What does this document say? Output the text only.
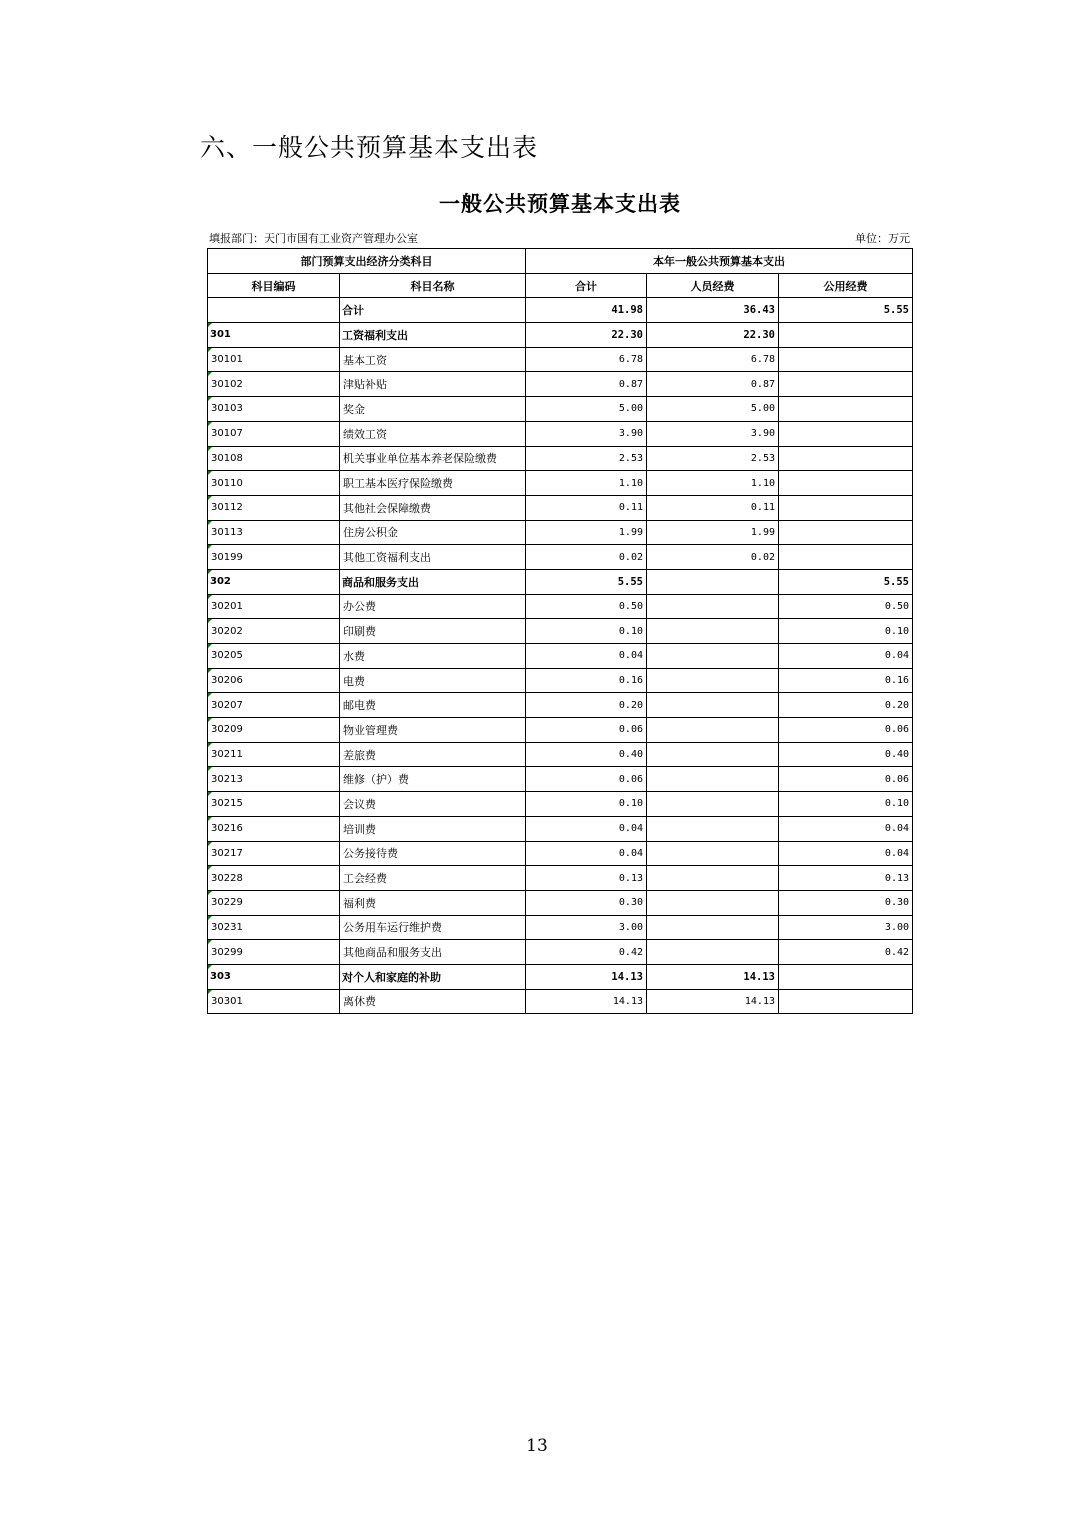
六、一般公共预算基本支出表
一般公共预算基本支出表
填报部门：天门市国有工业资产管理办公室	单位：万元
部门预算支出经济分类科目		本年一般公共预算基本支出		
科目编码	科目名称	合计	人员经费	公用经费
	合计	41.98	36.43	5.55
301	工资福利支出	22.30	22.30	
30101	基本工资	6.78	6.78	
30102	津贴补贴	0.87	0.87	
30103	奖金	5.00	5.00	
30107	绩效工资	3.90	3.90	
30108	机关事业单位基本养老保险缴费	2.53	2.53	
30110	职工基本医疗保险缴费	1.10	1.10	
30112	其他社会保障缴费	0.11	0.11	
30113	住房公积金	1.99	1.99	
30199	其他工资福利支出	0.02	0.02	
302	商品和服务支出	5.55		5.55
30201	办公费	0.50		0.50
30202	印刷费	0.10		0.10
30205	水费	0.04		0.04
30206	电费	0.16		0.16
30207	邮电费	0.20		0.20
30209	物业管理费	0.06		0.06
30211	差旅费	0.40		0.40
30213	维修（护）费	0.06		0.06
30215	会议费	0.10		0.10
30216	培训费	0.04		0.04
30217	公务接待费	0.04		0.04
30228	工会经费	0.13		0.13
30229	福利费	0.30		0.30
30231	公务用车运行维护费	3.00		3.00
30299	其他商品和服务支出	0.42		0.42
303	对个人和家庭的补助	14.13	14.13	
30301	离休费	14.13	14.13	
13
